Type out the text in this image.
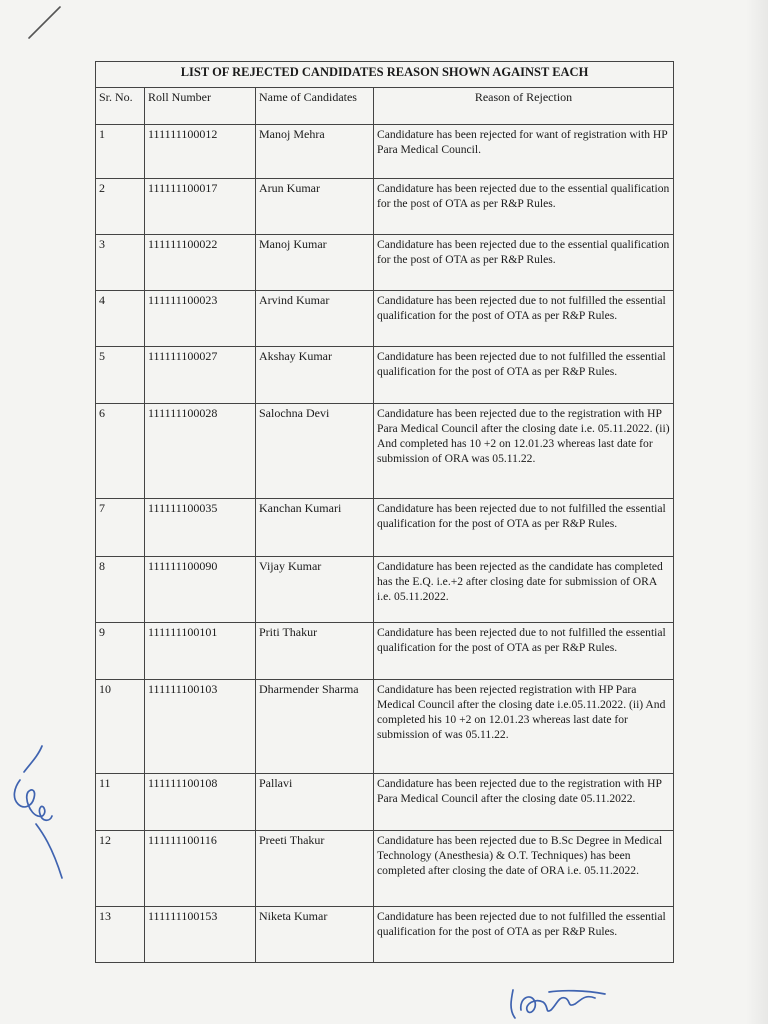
LIST OF REJECTED CANDIDATES REASON SHOWN AGAINST EACH			
Sr. No.	Roll Number	Name of Candidates	Reason of Rejection
1	111111100012	Manoj Mehra	Candidature has been rejected for want of registration with HP Para Medical Council.
2	111111100017	Arun Kumar	Candidature has been rejected due to the essential qualification for the post of OTA as per R&P Rules.
3	111111100022	Manoj Kumar	Candidature has been rejected due to the essential qualification for the post of OTA as per R&P Rules.
4	111111100023	Arvind Kumar	Candidature has been rejected due to not fulfilled the essential qualification for the post of OTA as per R&P Rules.
5	111111100027	Akshay Kumar	Candidature has been rejected due to not fulfilled the essential qualification for the post of OTA as per R&P Rules.
6	111111100028	Salochna Devi	Candidature has been rejected due to the registration with HP Para Medical Council after the closing date i.e. 05.11.2022. (ii) And completed has 10 +2 on 12.01.23 whereas last date for submission of ORA was 05.11.22.
7	111111100035	Kanchan Kumari	Candidature has been rejected due to not fulfilled the essential qualification for the post of OTA as per R&P Rules.
8	111111100090	Vijay Kumar	Candidature has been rejected as the candidate has completed has the E.Q. i.e.+2 after closing date for submission of ORA i.e. 05.11.2022.
9	111111100101	Priti Thakur	Candidature has been rejected due to not fulfilled the essential qualification for the post of OTA as per R&P Rules.
10	111111100103	Dharmender Sharma	Candidature has been rejected registration with HP Para Medical Council after the closing date i.e.05.11.2022. (ii) And completed his 10 +2 on 12.01.23 whereas last date for submission of was 05.11.22.
11	111111100108	Pallavi	Candidature has been rejected due to the registration with HP Para Medical Council after the closing date 05.11.2022.
12	111111100116	Preeti Thakur	Candidature has been rejected due to B.Sc Degree in Medical Technology (Anesthesia) & O.T. Techniques) has been completed after closing the date of ORA i.e. 05.11.2022.
13	111111100153	Niketa Kumar	Candidature has been rejected due to not fulfilled the essential qualification for the post of OTA as per R&P Rules.
